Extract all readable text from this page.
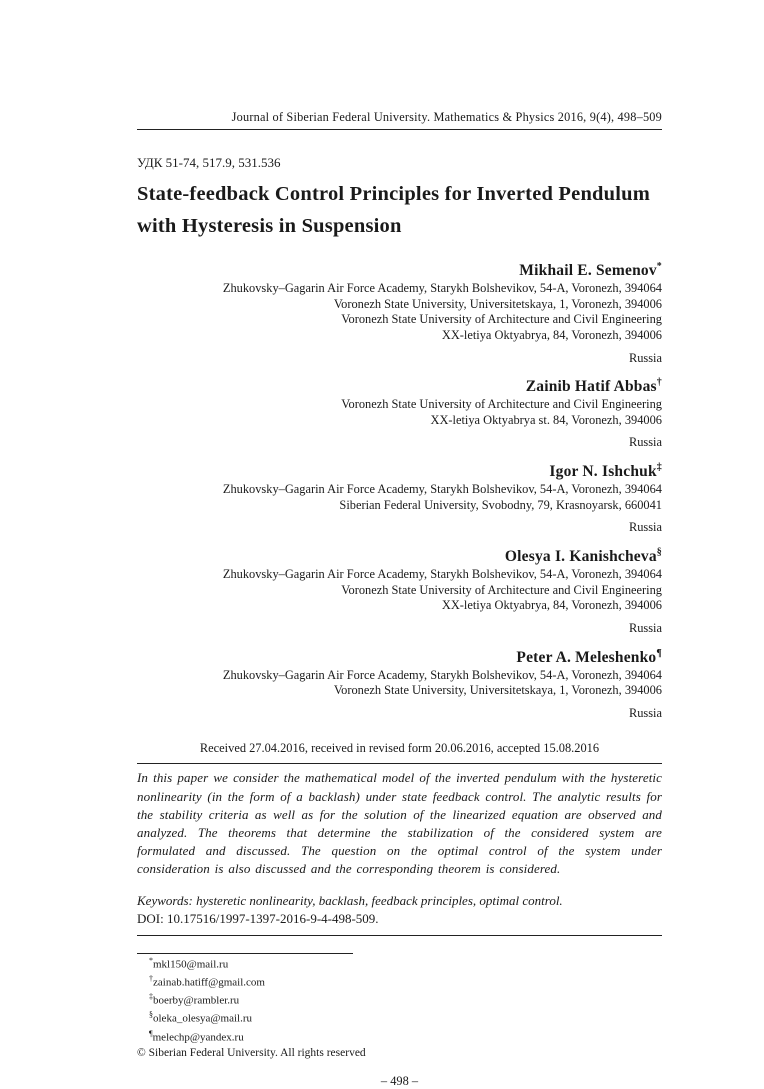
Journal of Siberian Federal University. Mathematics & Physics 2016, 9(4), 498–509
УДК 51-74, 517.9, 531.536
State-feedback Control Principles for Inverted Pendulum
with Hysteresis in Suspension
Mikhail E. Semenov*
Zhukovsky–Gagarin Air Force Academy, Starykh Bolshevikov, 54-A, Voronezh, 394064
Voronezh State University, Universitetskaya, 1, Voronezh, 394006
Voronezh State University of Architecture and Civil Engineering
XX-letiya Oktyabrya, 84, Voronezh, 394006
Russia
Zainib Hatif Abbas†
Voronezh State University of Architecture and Civil Engineering
XX-letiya Oktyabrya st. 84, Voronezh, 394006
Russia
Igor N. Ishchuk‡
Zhukovsky–Gagarin Air Force Academy, Starykh Bolshevikov, 54-A, Voronezh, 394064
Siberian Federal University, Svobodny, 79, Krasnoyarsk, 660041
Russia
Olesya I. Kanishcheva§
Zhukovsky–Gagarin Air Force Academy, Starykh Bolshevikov, 54-A, Voronezh, 394064
Voronezh State University of Architecture and Civil Engineering
XX-letiya Oktyabrya, 84, Voronezh, 394006
Russia
Peter A. Meleshenko¶
Zhukovsky–Gagarin Air Force Academy, Starykh Bolshevikov, 54-A, Voronezh, 394064
Voronezh State University, Universitetskaya, 1, Voronezh, 394006
Russia
Received 27.04.2016, received in revised form 20.06.2016, accepted 15.08.2016

In this paper we consider the mathematical model of the inverted pendulum with the hysteretic nonlinearity (in the form of a backlash) under state feedback control. The analytic results for the stability criteria as well as for the solution of the linearized equation are observed and analyzed. The theorems that determine the stabilization of the considered system are formulated and discussed. The question on the optimal control of the system under consideration is also discussed and the corresponding theorem is considered.

Keywords: hysteretic nonlinearity, backlash, feedback principles, optimal control.

DOI: 10.17516/1997-1397-2016-9-4-498-509.

*mkl150@mail.ru
†zainab.hatiff@gmail.com
‡boerby@rambler.ru
§oleka_olesya@mail.ru
¶melechp@yandex.ru
© Siberian Federal University. All rights reserved
– 498 –
